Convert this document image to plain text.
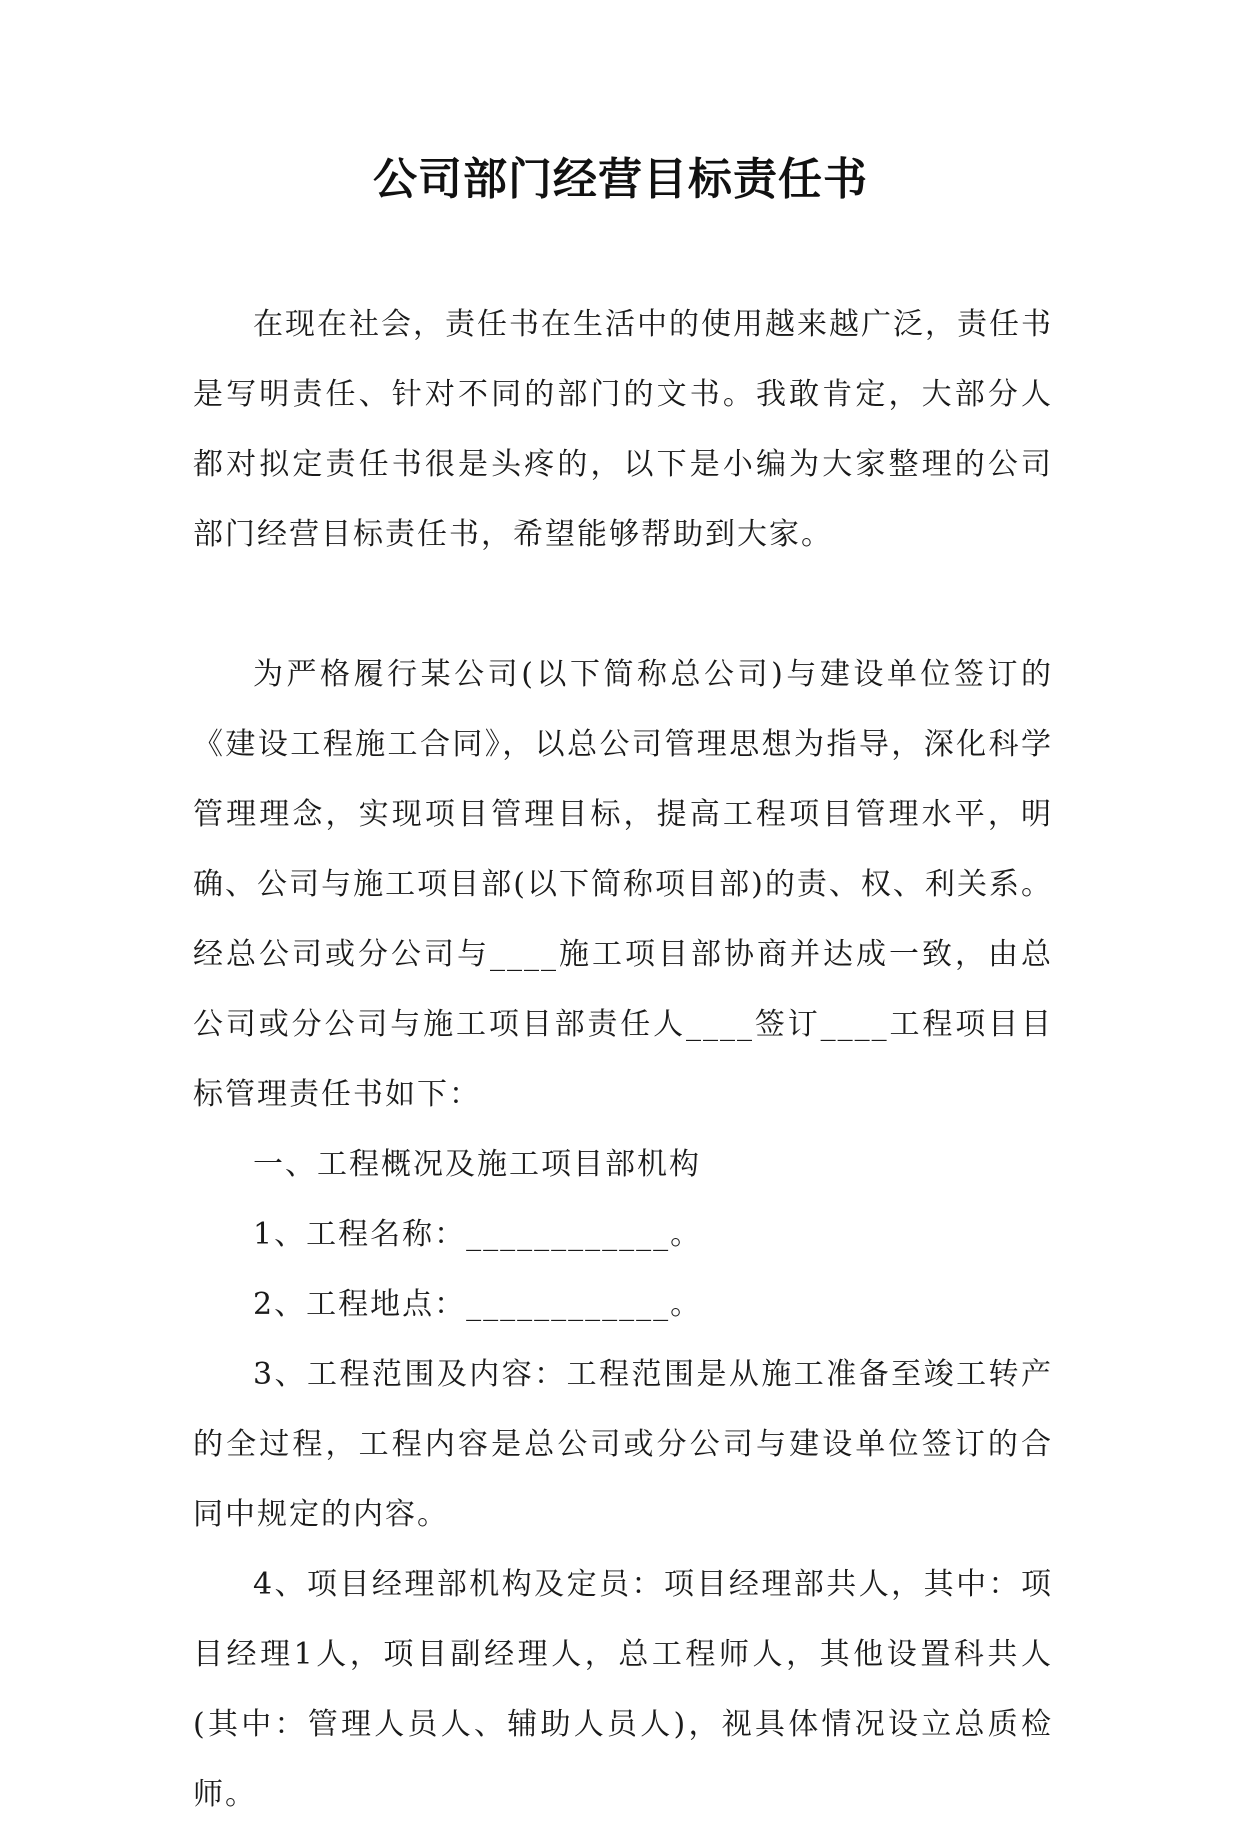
公司部门经营目标责任书

在现在社会，责任书在生活中的使用越来越广泛，责任书是写明责任、针对不同的部门的文书。我敢肯定，大部分人都对拟定责任书很是头疼的，以下是小编为大家整理的公司部门经营目标责任书，希望能够帮助到大家。

为严格履行某公司(以下简称总公司)与建设单位签订的《建设工程施工合同》，以总公司管理思想为指导，深化科学管理理念，实现项目管理目标，提高工程项目管理水平，明确、公司与施工项目部(以下简称项目部)的责、权、利关系。经总公司或分公司与____施工项目部协商并达成一致，由总公司或分公司与施工项目部责任人____签订____工程项目目标管理责任书如下：

一、工程概况及施工项目部机构

1、工程名称：____________。

2、工程地点：____________。

3、工程范围及内容：工程范围是从施工准备至竣工转产的全过程，工程内容是总公司或分公司与建设单位签订的合同中规定的内容。

4、项目经理部机构及定员：项目经理部共人，其中：项目经理1人，项目副经理人，总工程师人，其他设置科共人(其中：管理人员人、辅助人员人)，视具体情况设立总质检师。
